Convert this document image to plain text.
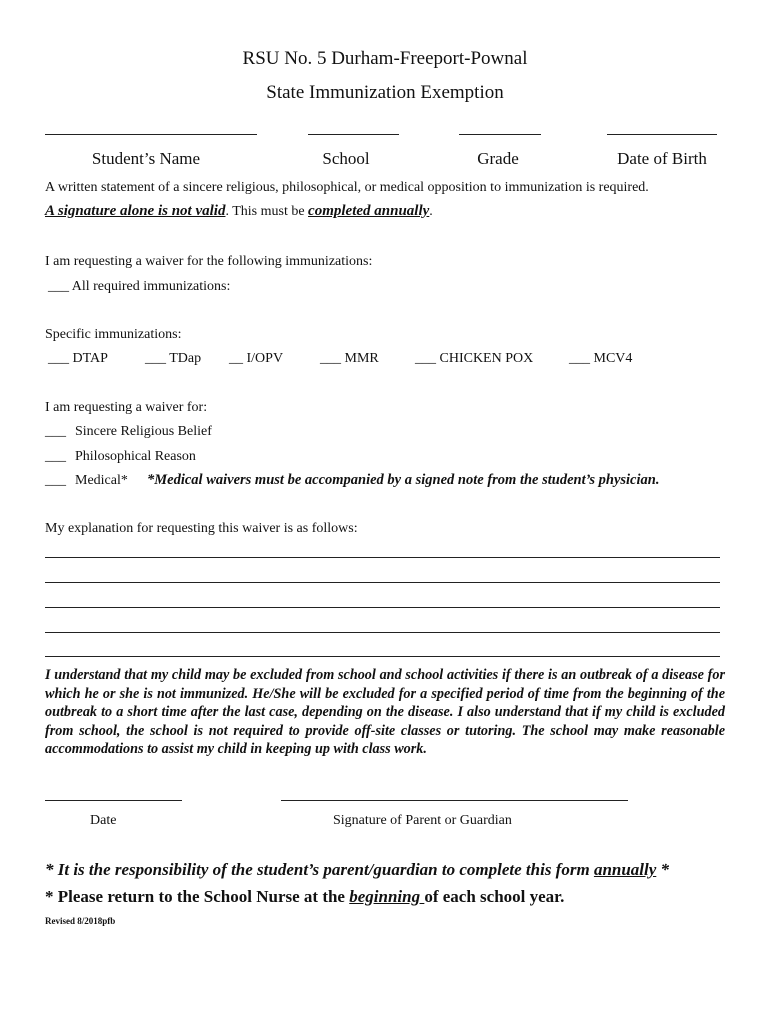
RSU No. 5 Durham-Freeport-Pownal
State Immunization Exemption
Student’s Name	School	Grade	Date of Birth
A written statement of a sincere religious, philosophical, or medical opposition to immunization is required.
A signature alone is not valid. This must be completed annually.
I am requesting a waiver for the following immunizations:
___ All required immunizations:
Specific immunizations:
___ DTAP	___ TDap __ I/OPV	___ MMR	___ CHICKEN POX	___ MCV4
I am requesting a waiver for:
___ Sincere Religious Belief
___ Philosophical Reason
___ Medical* *Medical waivers must be accompanied by a signed note from the student’s physician.
My explanation for requesting this waiver is as follows:
I understand that my child may be excluded from school and school activities if there is an outbreak of a disease for which he or she is not immunized. He/She will be excluded for a specified period of time from the beginning of the outbreak to a short time after the last case, depending on the disease. I also understand that if my child is excluded from school, the school is not required to provide off-site classes or tutoring. The school may make reasonable accommodations to assist my child in keeping up with class work.
Date	Signature of Parent or Guardian
* It is the responsibility of the student’s parent/guardian to complete this form annually *
* Please return to the School Nurse at the beginning of each school year.
Revised 8/2018pfb
